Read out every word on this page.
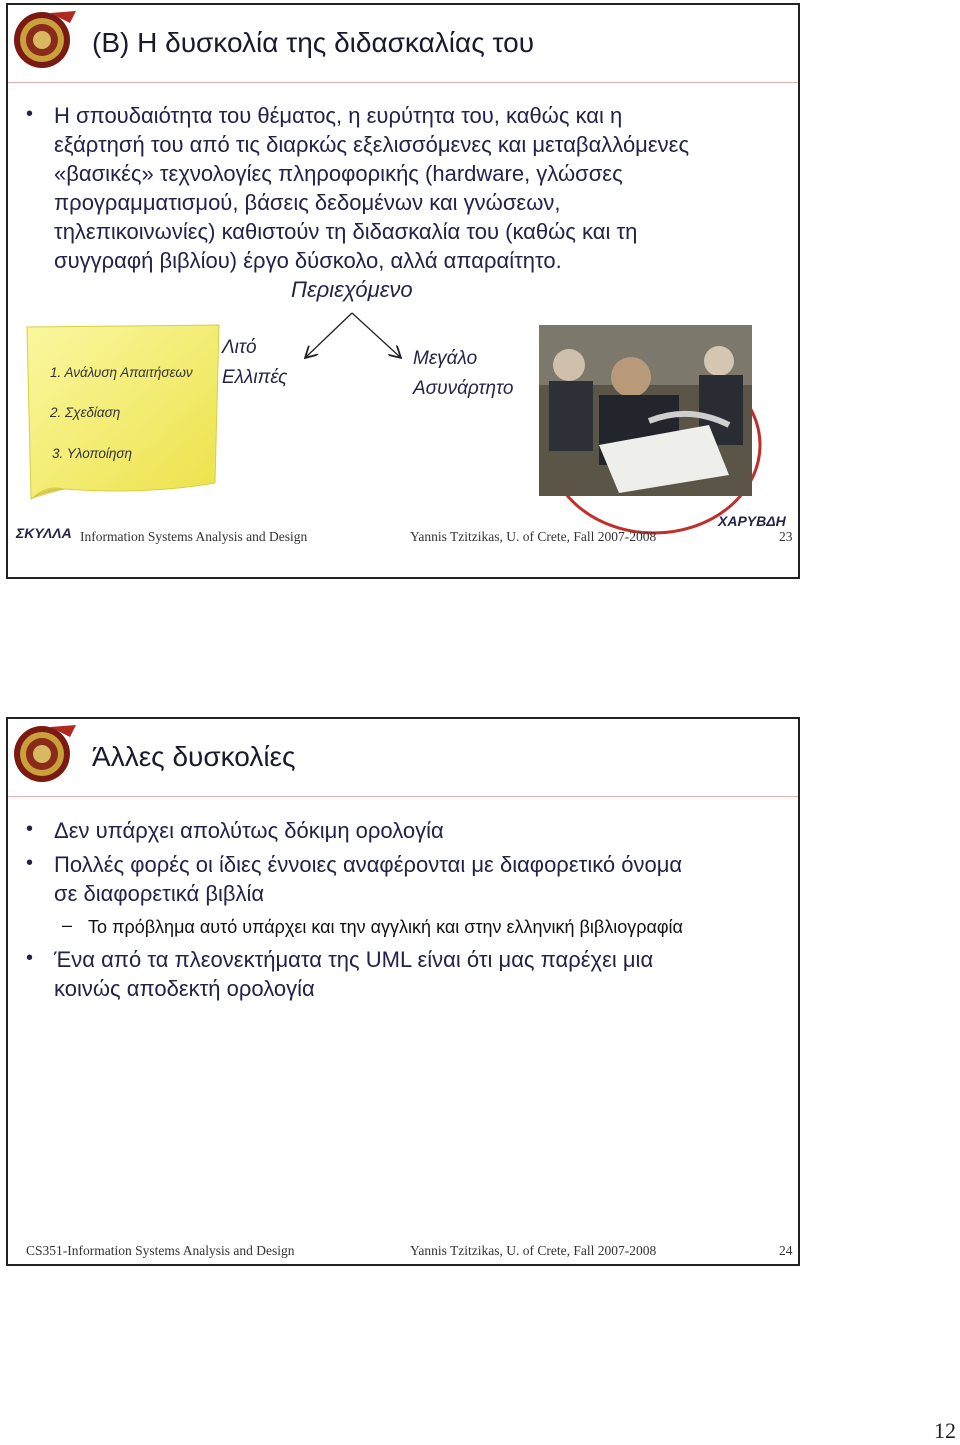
(B) Η δυσκολία της διδασκαλίας του
• Η σπουδαιότητα του θέματος, η ευρύτητα του, καθώς και η
εξάρτησή του από τις διαρκώς εξελισσόμενες και μεταβαλλόμενες
«βασικές» τεχνολογίες πληροφορικής (hardware, γλώσσες
προγραμματισμού, βάσεις δεδομένων και γνώσεων,
τηλεπικοινωνίες) καθιστούν τη διδασκαλία του (καθώς και τη
συγγραφή βιβλίου) έργο δύσκολο, αλλά απαραίτητο.
Περιεχόμενο
Λιτό
Ελλιπές
Μεγάλο
Ασυνάρτητο
1. Ανάλυση Απαιτήσεων
2. Σχεδίαση
3. Υλοποίηση
ΣΚΥΛΛΑ
ΧΑΡΥΒΔΗ
Information Systems Analysis and Design	Yannis Tzitzikas, U. of Crete, Fall 2007-2008	23
Άλλες δυσκολίες
• Δεν υπάρχει απολύτως δόκιμη ορολογία
• Πολλές φορές οι ίδιες έννοιες αναφέρονται με διαφορετικό όνομα
σε διαφορετικά βιβλία
– Το πρόβλημα αυτό υπάρχει και την αγγλική και στην ελληνική βιβλιογραφία
• Ένα από τα πλεονεκτήματα της UML είναι ότι μας παρέχει μια
κοινώς αποδεκτή ορολογία
CS351-Information Systems Analysis and Design	Yannis Tzitzikas, U. of Crete, Fall 2007-2008	24
12
